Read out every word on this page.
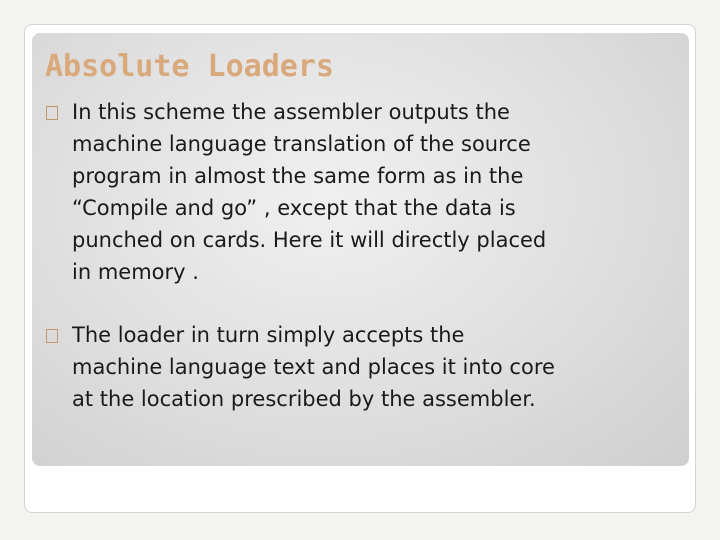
Absolute Loaders

In this scheme the assembler outputs the
machine language translation of the source
program in almost the same form as in the
“Compile and go” , except that the data is
punched on cards. Here it will directly placed
in memory .

The loader in turn simply accepts the
machine language text and places it into core
at the location prescribed by the assembler.
